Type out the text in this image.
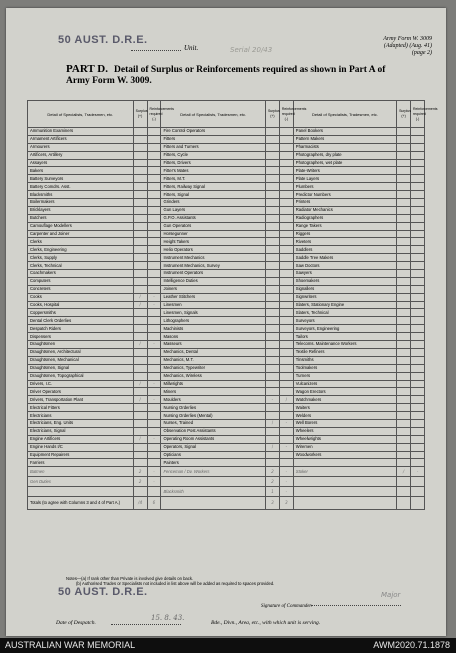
50 AUST. D.R.E.
Unit.	Serial 20/43
Army Form W. 3009
(Adapted) (Aug. 41)
(page 2)
PART D. Detail of Surplus or Reinforcements required as shown in Part A of Army Form W. 3009.
Detail of Specialists, Tradesmen, etc.	Surplus (+)	Reinforcements required (-)	Detail of Specialists, Tradesmen, etc.	Surplus (+)	Reinforcements required (-)	Detail of Specialists, Tradesmen, etc.	Surplus (+)	Reinforcements required (-)
Ammunition Examiners			Fire Control Operators			Panel Bookers		
Armament Artificers			Fitters			Pattern Makers		
Armourers			Fitters and Turners			Pharmacists		
Artificers, Artillery			Fitters, Cycle			Photographers, dry plate		
Assayers			Fitters, Drivers			Photographers, wet plate		
Bakers			Fitter's Mates			Plate-Writers		
Battery Surveyors			Fitters, M.T.			Plate Layers		
Battery Comdrs. Asst.			Fitters, Railway Signal			Plumbers		
Blacksmiths			Fitters, Signal			Predictor Numbers		
Boilermakers			Grinders			Printers		
Bricklayers			Gun Layers			Radiator Mechanics		
Butchers			G.P.O. Assistants			Radiographers		
Camouflage Modellers			Gun Operators			Range Takers		
Carpenter and Joiner			Horsegunner			Riggers		
Clerks			Height Takers			Riveters		
Clerks, Engineering			Helio Operators			Saddlers		
Clerks, Supply			Instrument Mechanics			Saddle Tree Makers		
Clerks, Technical			Instrument Mechanics, Survey			Saw Doctors		
Coachmakers			Instrument Operators			Sawyers		
Computers			Intelligence Duties			Shoemakers		
Concreters			Joiners			Signallers		
Cooks	/	-	Leather Stitchers			Signwriters		
Cooks, Hospital	/	-	Linesmen			Slaters, Stationary Engine		
Coppersmiths			Linesmen, Signals			Slaters, Technical		
Dental Clerk Orderlies			Lithographers			Surveyors		
Despatch Riders			Machinists			Surveyors, Engineering		
Dispensers			Masons			Tailors		
Draughtsmen	/	-	Masseurs			Telecoms. Maintenance Workers		
Draughtsmen, Architectural			Mechanics, Dental			Textile Refiners		
Draughtsmen, Mechanical			Mechanics, M.T.			Tinsmiths		
Draughtsmen, Signal			Mechanics, Typewriter			Toolmakers		
Draughtsmen, Topographical			Mechanics, Wireless			Turners		
Drivers, I.C.	/	-	Millwrights			Vulcanizers		
Driver Operators			Miners			Wagon Erectors		
Drivers, Transportation Plant	/	-	Moulders	-	/	Watchmakers		
Electrical Fitters			Nursing Orderlies			Waiters		
Electricians			Nursing Orderlies (Mental)			Welders		
Electricians, Eng. Units			Nurses, Trained	/	-	Well Borers		
Electricians, Signal			Observation Post Assistants			Wheelers		
Engine Artificers	/	-	Operating Room Assistants			Wheelwrights		
Engine Hands I/C			Operators, Signal	/	-	Wiremen		
Equipment Repairers			Opticians			Woodworkers		
Farriers			Painters					
Batmen	2	-	Fenceman / Dv. Workers	2	-	Stoker	/	-
Gen Duties	2	-		2	-			
			Blacksmith	1	-			
Totals (to agree with Columns 3 and 4 of Part A.)	/4	6		3	3			
Notes—(a) If rank other than Private is involved give details on back.
(b) Authorised Trades or Specialists not included in list above will be added as required to spaces provided.
50 AUST. D.R.E.	Major
Signature of Commander.
Date of Despatch.
15. 8. 43.
Bde., Divn., Area, etc., with which unit is serving.
AUSTRALIAN WAR MEMORIAL	AWM2020.71.1878
